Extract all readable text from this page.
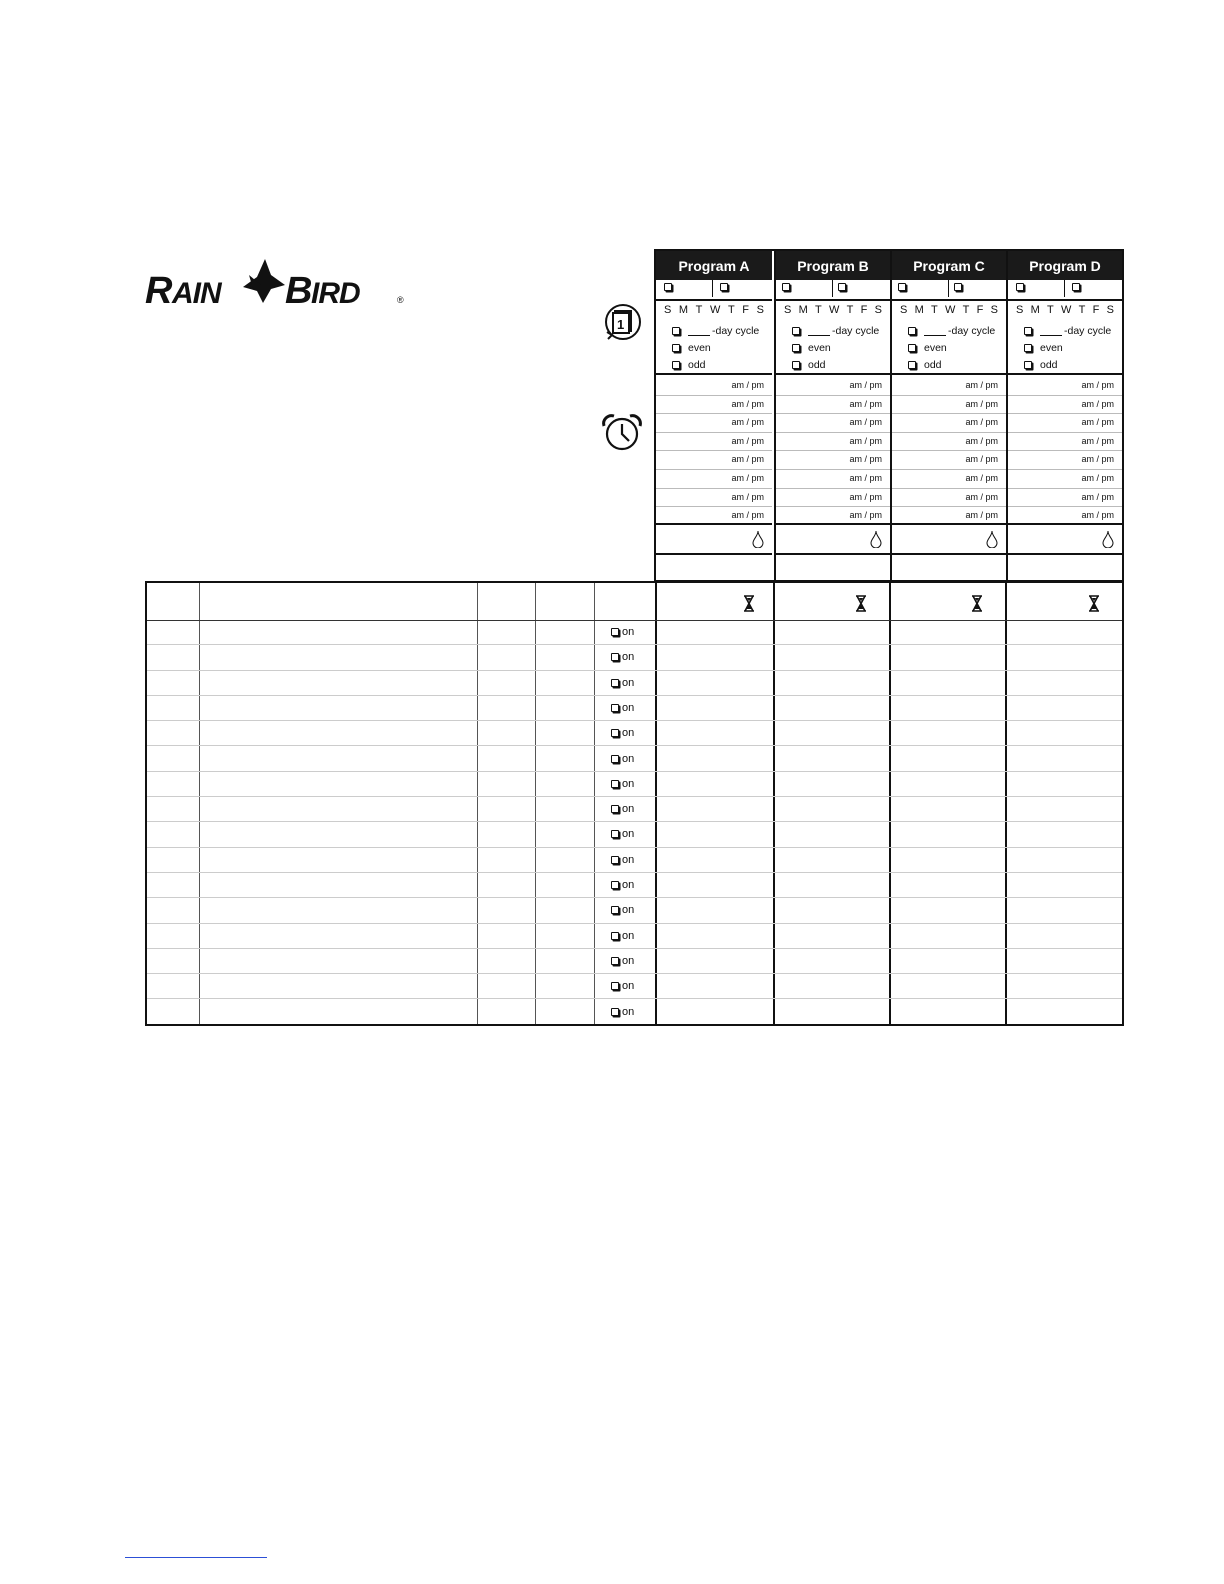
R AIN B IRD	®
1
Program A
S M T W T F S
-day cycle
even
odd
am / pm
am / pm
am / pm
am / pm
am / pm
am / pm
am / pm
am / pm
Program B
S M T W T F S
-day cycle
even
odd
am / pm
am / pm
am / pm
am / pm
am / pm
am / pm
am / pm
am / pm
Program C
S M T W T F S
-day cycle
even
odd
am / pm
am / pm
am / pm
am / pm
am / pm
am / pm
am / pm
am / pm
Program D
S M T W T F S
-day cycle
even
odd
am / pm
am / pm
am / pm
am / pm
am / pm
am / pm
am / pm
am / pm
on
on
on
on
on
on
on
on
on
on
on
on
on
on
on
on
